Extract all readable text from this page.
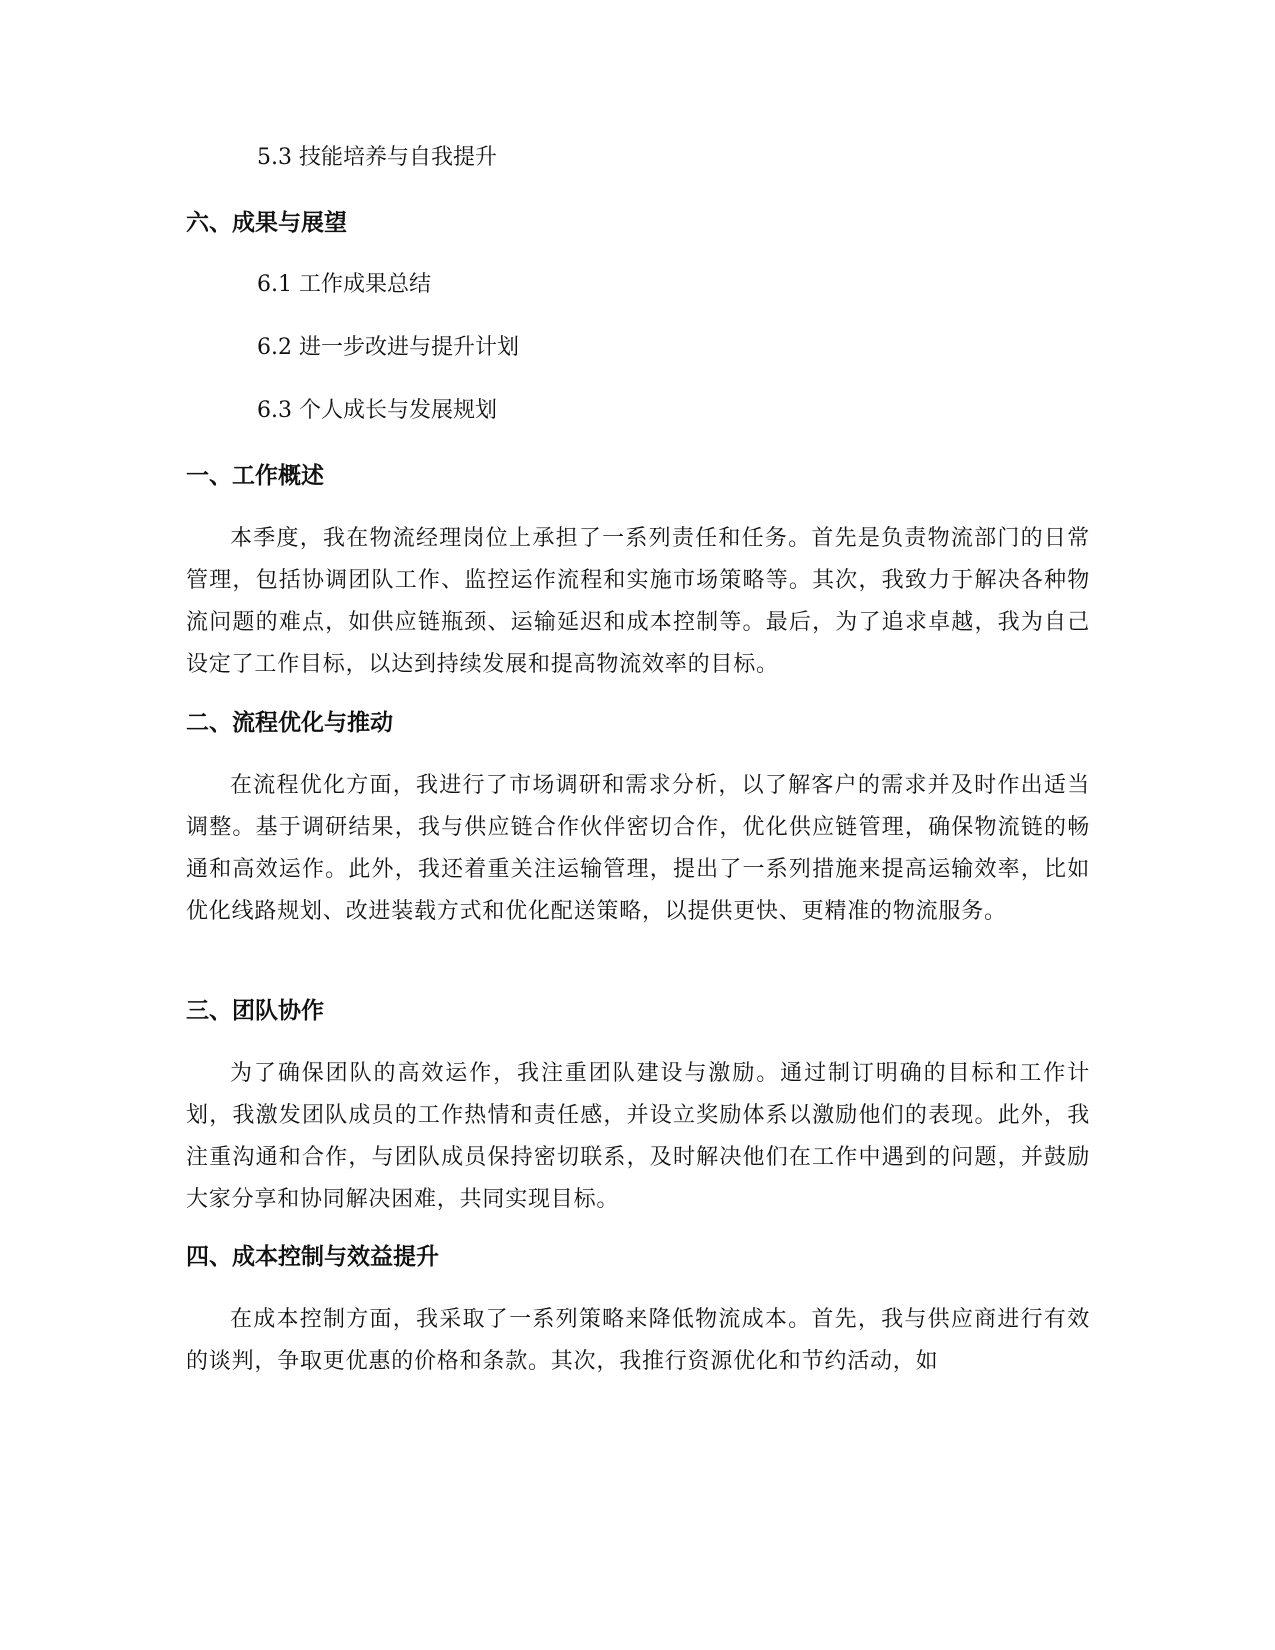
5.3 技能培养与自我提升
六、成果与展望
6.1 工作成果总结
6.2 进一步改进与提升计划
6.3 个人成长与发展规划
一、工作概述
本季度，我在物流经理岗位上承担了一系列责任和任务。首先是负责物流部门的日常管理，包括协调团队工作、监控运作流程和实施市场策略等。其次，我致力于解决各种物流问题的难点，如供应链瓶颈、运输延迟和成本控制等。最后，为了追求卓越，我为自己设定了工作目标，以达到持续发展和提高物流效率的目标。
二、流程优化与推动
在流程优化方面，我进行了市场调研和需求分析，以了解客户的需求并及时作出适当调整。基于调研结果，我与供应链合作伙伴密切合作，优化供应链管理，确保物流链的畅通和高效运作。此外，我还着重关注运输管理，提出了一系列措施来提高运输效率，比如优化线路规划、改进装载方式和优化配送策略，以提供更快、更精准的物流服务。
三、团队协作
为了确保团队的高效运作，我注重团队建设与激励。通过制订明确的目标和工作计划，我激发团队成员的工作热情和责任感，并设立奖励体系以激励他们的表现。此外，我注重沟通和合作，与团队成员保持密切联系，及时解决他们在工作中遇到的问题，并鼓励大家分享和协同解决困难，共同实现目标。
四、成本控制与效益提升
在成本控制方面，我采取了一系列策略来降低物流成本。首先，我与供应商进行有效的谈判，争取更优惠的价格和条款。其次，我推行资源优化和节约活动，如
